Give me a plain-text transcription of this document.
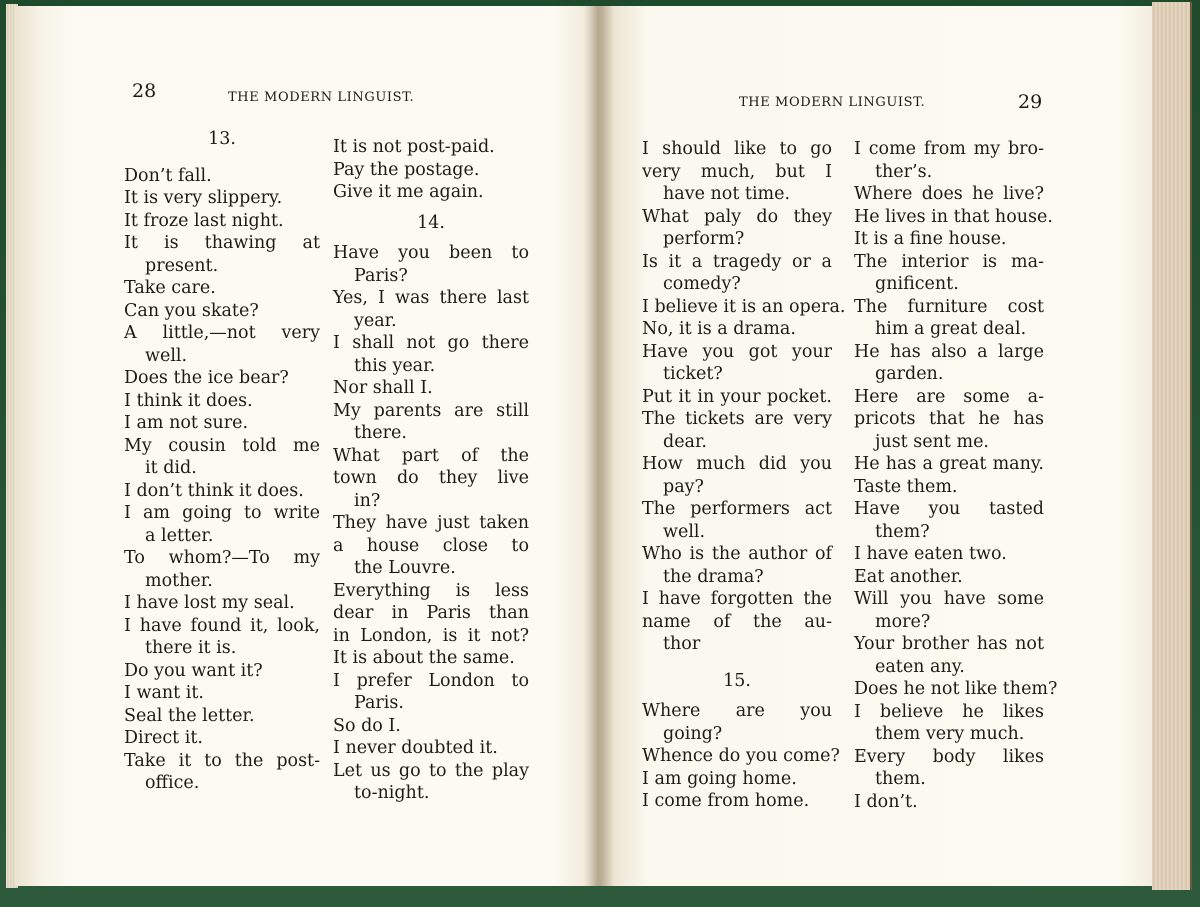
28	THE MODERN LINGUIST.	THE MODERN LINGUIST.	29
13.
Don’t fall.
It is very slippery.
It froze last night.
It is thawing at
present.
Take care.
Can you skate?
A little,—not very
well.
Does the ice bear?
I think it does.
I am not sure.
My cousin told me
it did.
I don’t think it does.
I am going to write
a letter.
To whom?—To my
mother.
I have lost my seal.
I have found it, look,
there it is.
Do you want it?
I want it.
Seal the letter.
Direct it.
Take it to the post-
office.
It is not post-paid.
Pay the postage.
Give it me again.
14.
Have you been to
Paris?
Yes, I was there last
year.
I shall not go there
this year.
Nor shall I.
My parents are still
there.
What part of the
town do they live
in?
They have just taken
a house close to
the Louvre.
Everything is less
dear in Paris than
in London, is it not?
It is about the same.
I prefer London to
Paris.
So do I.
I never doubted it.
Let us go to the play
to-night.
I should like to go
very much, but I
have not time.
What paly do they
perform?
Is it a tragedy or a
comedy?
I believe it is an opera.
No, it is a drama.
Have you got your
ticket?
Put it in your pocket.
The tickets are very
dear.
How much did you
pay?
The performers act
well.
Who is the author of
the drama?
I have forgotten the
name of the au-
thor
15.
Where are you
going?
Whence do you come?
I am going home.
I come from home.
I come from my bro-
ther’s.
Where does he live?
He lives in that house.
It is a fine house.
The interior is ma-
gnificent.
The furniture cost
him a great deal.
He has also a large
garden.
Here are some a-
pricots that he has
just sent me.
He has a great many.
Taste them.
Have you tasted
them?
I have eaten two.
Eat another.
Will you have some
more?
Your brother has not
eaten any.
Does he not like them?
I believe he likes
them very much.
Every body likes
them.
I don’t.
